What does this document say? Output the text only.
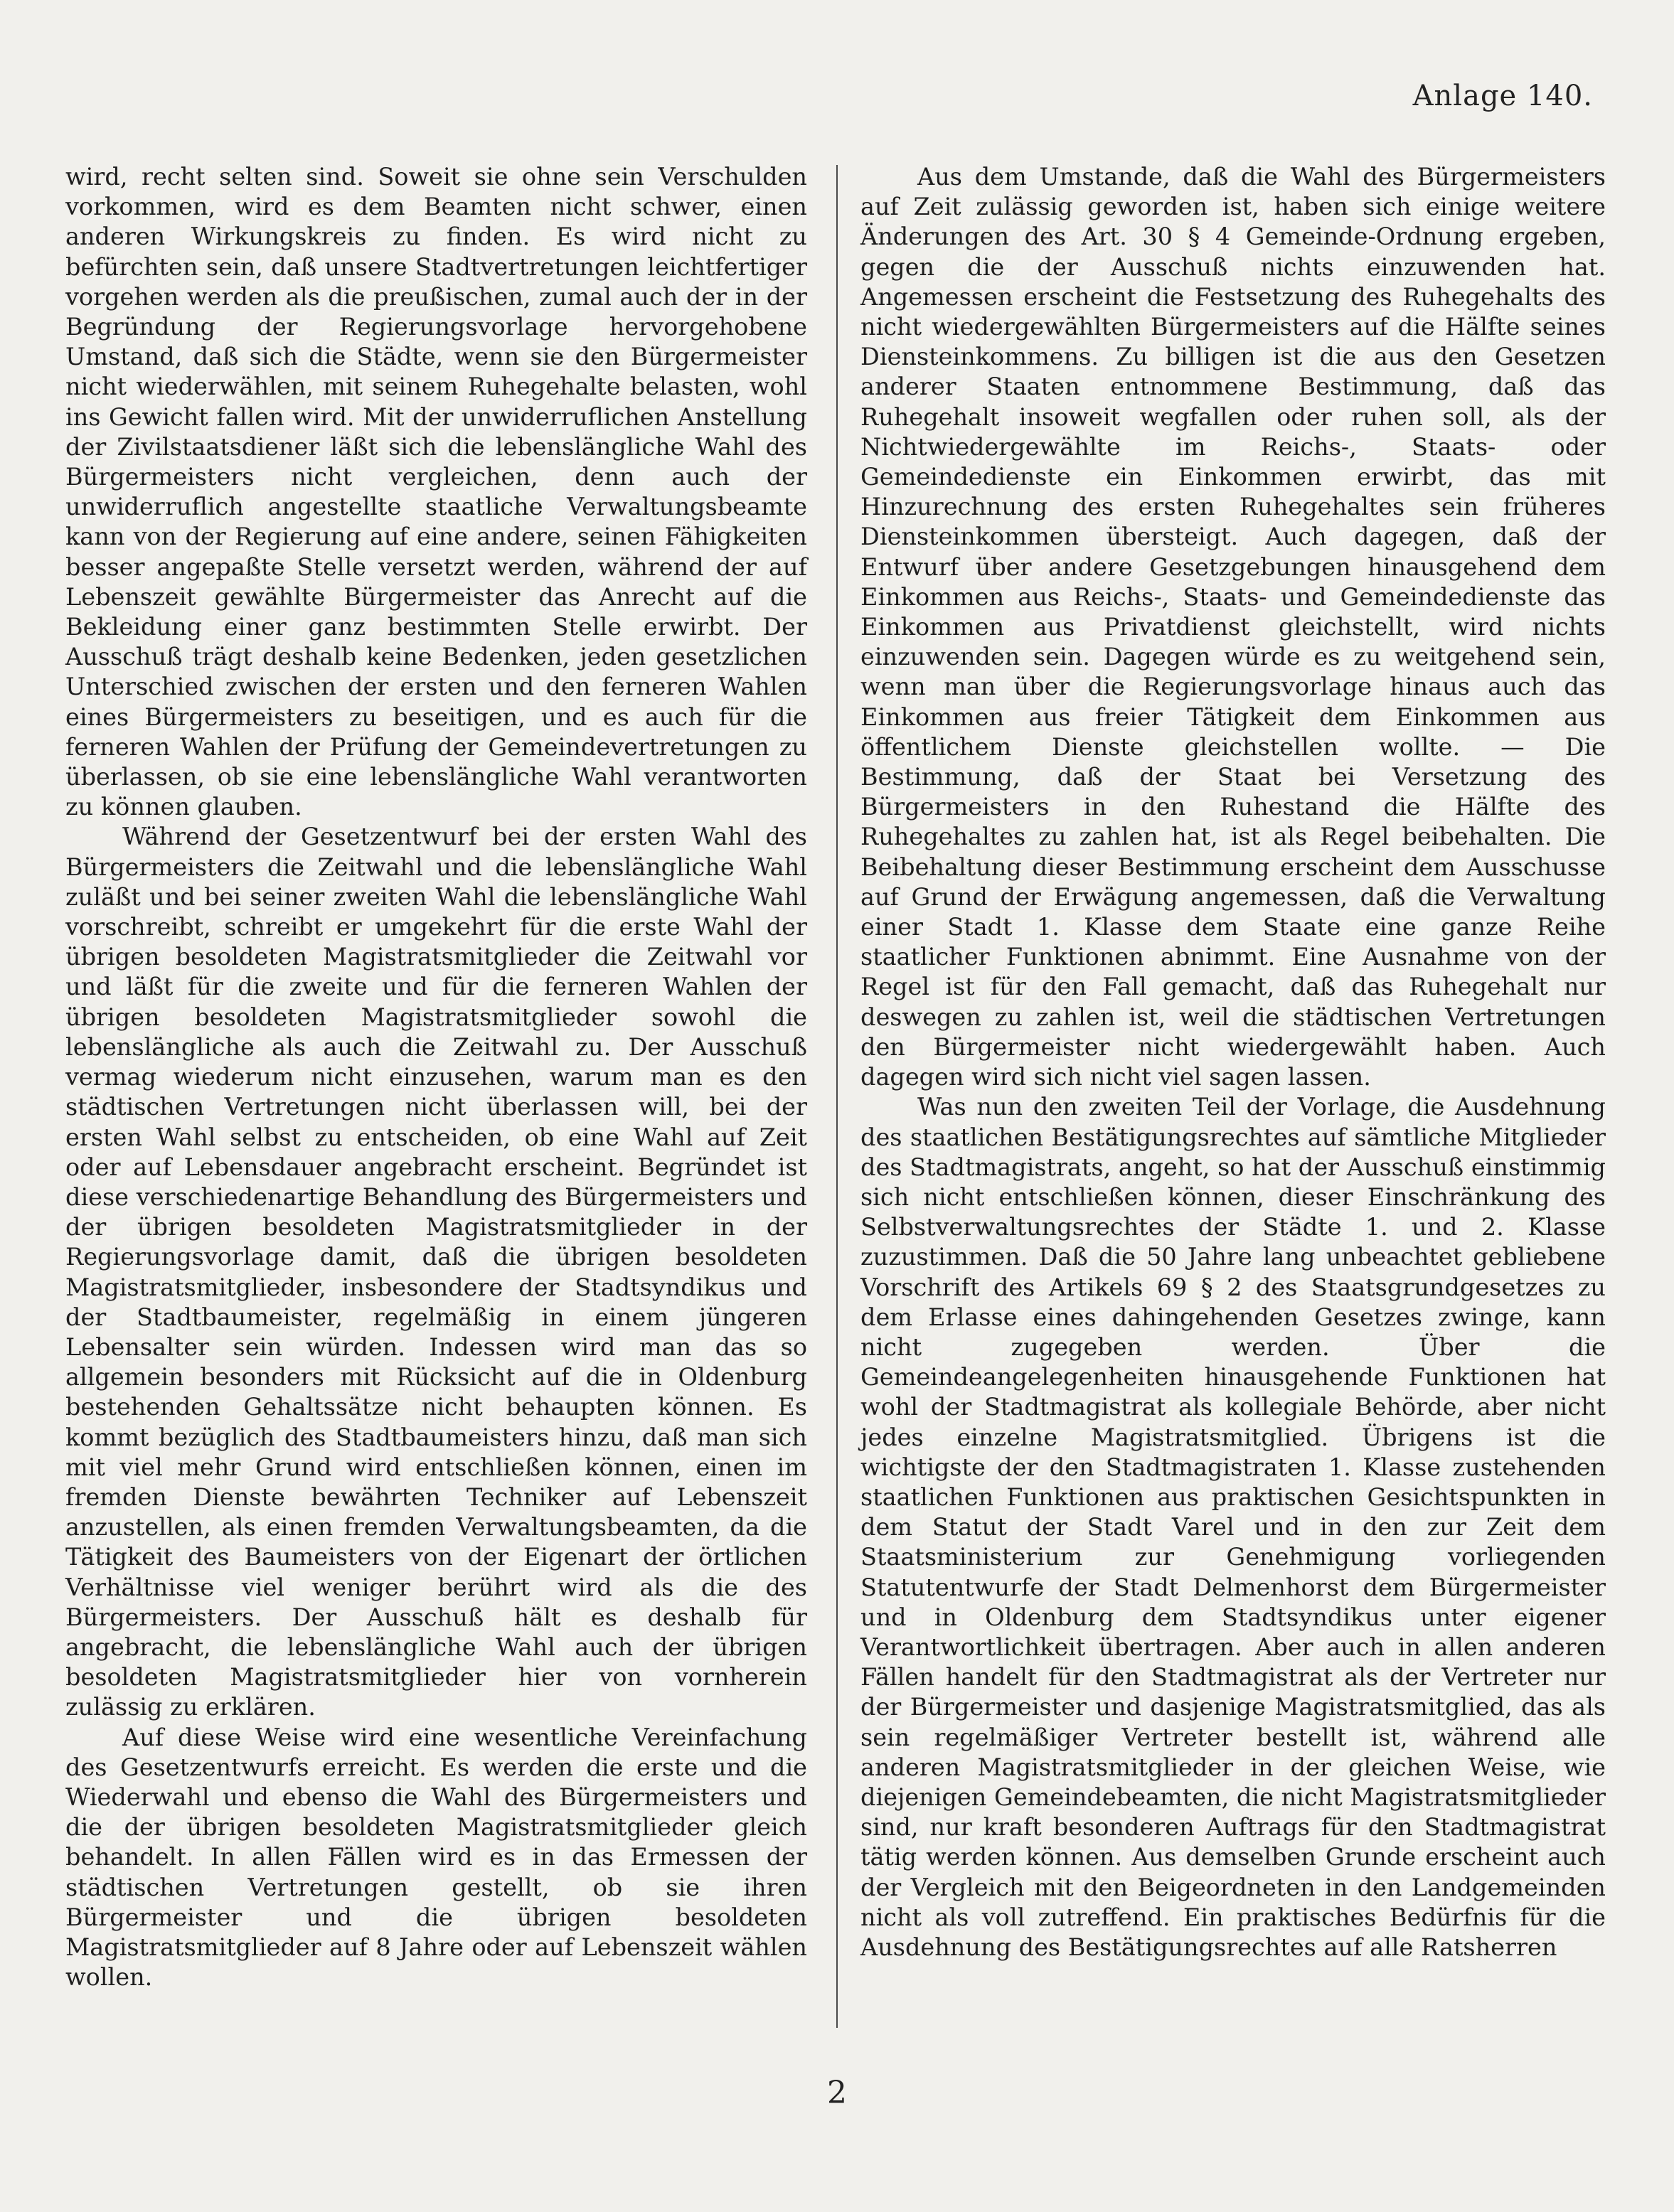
Anlage 140.

wird, recht selten sind. Soweit sie ohne sein Verschulden vorkommen, wird es dem Beamten nicht schwer, einen anderen Wirkungskreis zu finden. Es wird nicht zu befürchten sein, daß unsere Stadtvertretungen leichtfertiger vorgehen werden als die preußischen, zumal auch der in der Begründung der Regierungsvorlage hervorgehobene Umstand, daß sich die Städte, wenn sie den Bürgermeister nicht wiederwählen, mit seinem Ruhegehalte belasten, wohl ins Gewicht fallen wird. Mit der unwiderruflichen Anstellung der Zivilstaatsdiener läßt sich die lebenslängliche Wahl des Bürgermeisters nicht vergleichen, denn auch der unwiderruflich angestellte staatliche Verwaltungsbeamte kann von der Regierung auf eine andere, seinen Fähigkeiten besser angepaßte Stelle versetzt werden, während der auf Lebenszeit gewählte Bürgermeister das Anrecht auf die Bekleidung einer ganz bestimmten Stelle erwirbt. Der Ausschuß trägt deshalb keine Bedenken, jeden gesetzlichen Unterschied zwischen der ersten und den ferneren Wahlen eines Bürgermeisters zu beseitigen, und es auch für die ferneren Wahlen der Prüfung der Gemeindevertretungen zu überlassen, ob sie eine lebenslängliche Wahl verantworten zu können glauben.

Während der Gesetzentwurf bei der ersten Wahl des Bürgermeisters die Zeitwahl und die lebenslängliche Wahl zuläßt und bei seiner zweiten Wahl die lebenslängliche Wahl vorschreibt, schreibt er umgekehrt für die erste Wahl der übrigen besoldeten Magistratsmitglieder die Zeitwahl vor und läßt für die zweite und für die ferneren Wahlen der übrigen besoldeten Magistratsmitglieder sowohl die lebenslängliche als auch die Zeitwahl zu. Der Ausschuß vermag wiederum nicht einzusehen, warum man es den städtischen Vertretungen nicht überlassen will, bei der ersten Wahl selbst zu entscheiden, ob eine Wahl auf Zeit oder auf Lebensdauer angebracht erscheint. Begründet ist diese verschiedenartige Behandlung des Bürgermeisters und der übrigen besoldeten Magistratsmitglieder in der Regierungsvorlage damit, daß die übrigen besoldeten Magistratsmitglieder, insbesondere der Stadtsyndikus und der Stadtbaumeister, regelmäßig in einem jüngeren Lebensalter sein würden. Indessen wird man das so allgemein besonders mit Rücksicht auf die in Oldenburg bestehenden Gehaltssätze nicht behaupten können. Es kommt bezüglich des Stadtbaumeisters hinzu, daß man sich mit viel mehr Grund wird entschließen können, einen im fremden Dienste bewährten Techniker auf Lebenszeit anzustellen, als einen fremden Verwaltungsbeamten, da die Tätigkeit des Baumeisters von der Eigenart der örtlichen Verhältnisse viel weniger berührt wird als die des Bürgermeisters. Der Ausschuß hält es deshalb für angebracht, die lebenslängliche Wahl auch der übrigen besoldeten Magistratsmitglieder hier von vornherein zulässig zu erklären.

Auf diese Weise wird eine wesentliche Vereinfachung des Gesetzentwurfs erreicht. Es werden die erste und die Wiederwahl und ebenso die Wahl des Bürgermeisters und die der übrigen besoldeten Magistratsmitglieder gleich behandelt. In allen Fällen wird es in das Ermessen der städtischen Vertretungen gestellt, ob sie ihren Bürgermeister und die übrigen besoldeten Magistratsmitglieder auf 8 Jahre oder auf Lebenszeit wählen wollen.

Aus dem Umstande, daß die Wahl des Bürgermeisters auf Zeit zulässig geworden ist, haben sich einige weitere Änderungen des Art. 30 § 4 Gemeinde-Ordnung ergeben, gegen die der Ausschuß nichts einzuwenden hat. Angemessen erscheint die Festsetzung des Ruhegehalts des nicht wiedergewählten Bürgermeisters auf die Hälfte seines Diensteinkommens. Zu billigen ist die aus den Gesetzen anderer Staaten entnommene Bestimmung, daß das Ruhegehalt insoweit wegfallen oder ruhen soll, als der Nichtwiedergewählte im Reichs-, Staats- oder Gemeindedienste ein Einkommen erwirbt, das mit Hinzurechnung des ersten Ruhegehaltes sein früheres Diensteinkommen übersteigt. Auch dagegen, daß der Entwurf über andere Gesetzgebungen hinausgehend dem Einkommen aus Reichs-, Staats- und Gemeindedienste das Einkommen aus Privatdienst gleichstellt, wird nichts einzuwenden sein. Dagegen würde es zu weitgehend sein, wenn man über die Regierungsvorlage hinaus auch das Einkommen aus freier Tätigkeit dem Einkommen aus öffentlichem Dienste gleichstellen wollte. — Die Bestimmung, daß der Staat bei Versetzung des Bürgermeisters in den Ruhestand die Hälfte des Ruhegehaltes zu zahlen hat, ist als Regel beibehalten. Die Beibehaltung dieser Bestimmung erscheint dem Ausschusse auf Grund der Erwägung angemessen, daß die Verwaltung einer Stadt 1. Klasse dem Staate eine ganze Reihe staatlicher Funktionen abnimmt. Eine Ausnahme von der Regel ist für den Fall gemacht, daß das Ruhegehalt nur deswegen zu zahlen ist, weil die städtischen Vertretungen den Bürgermeister nicht wiedergewählt haben. Auch dagegen wird sich nicht viel sagen lassen.

Was nun den zweiten Teil der Vorlage, die Ausdehnung des staatlichen Bestätigungsrechtes auf sämtliche Mitglieder des Stadtmagistrats, angeht, so hat der Ausschuß einstimmig sich nicht entschließen können, dieser Einschränkung des Selbstverwaltungsrechtes der Städte 1. und 2. Klasse zuzustimmen. Daß die 50 Jahre lang unbeachtet gebliebene Vorschrift des Artikels 69 § 2 des Staatsgrundgesetzes zu dem Erlasse eines dahingehenden Gesetzes zwinge, kann nicht zugegeben werden. Über die Gemeindeangelegenheiten hinausgehende Funktionen hat wohl der Stadtmagistrat als kollegiale Behörde, aber nicht jedes einzelne Magistratsmitglied. Übrigens ist die wichtigste der den Stadtmagistraten 1. Klasse zustehenden staatlichen Funktionen aus praktischen Gesichtspunkten in dem Statut der Stadt Varel und in den zur Zeit dem Staatsministerium zur Genehmigung vorliegenden Statutentwurfe der Stadt Delmenhorst dem Bürgermeister und in Oldenburg dem Stadtsyndikus unter eigener Verantwortlichkeit übertragen. Aber auch in allen anderen Fällen handelt für den Stadtmagistrat als der Vertreter nur der Bürgermeister und dasjenige Magistratsmitglied, das als sein regelmäßiger Vertreter bestellt ist, während alle anderen Magistratsmitglieder in der gleichen Weise, wie diejenigen Gemeindebeamten, die nicht Magistratsmitglieder sind, nur kraft besonderen Auftrags für den Stadtmagistrat tätig werden können. Aus demselben Grunde erscheint auch der Vergleich mit den Beigeordneten in den Landgemeinden nicht als voll zutreffend. Ein praktisches Bedürfnis für die Ausdehnung des Bestätigungsrechtes auf alle Ratsherren

2
